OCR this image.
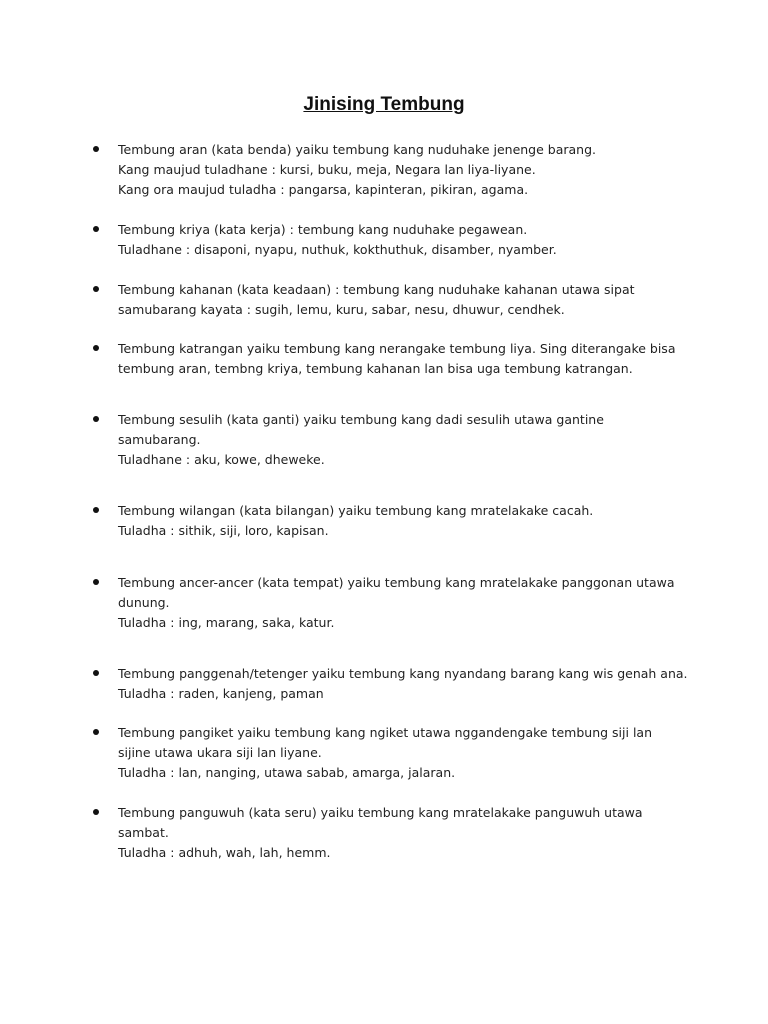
Jinising Tembung
Tembung aran (kata benda) yaiku tembung kang nuduhake jenenge barang.
Kang maujud tuladhane : kursi, buku, meja, Negara lan liya-liyane.
Kang ora maujud tuladha : pangarsa, kapinteran, pikiran, agama.
Tembung kriya (kata kerja) : tembung kang nuduhake pegawean.
Tuladhane : disaponi, nyapu, nuthuk, kokthuthuk, disamber, nyamber.
Tembung kahanan (kata keadaan) : tembung kang nuduhake kahanan utawa sipat
samubarang kayata : sugih, lemu, kuru, sabar, nesu, dhuwur, cendhek.
Tembung katrangan yaiku tembung kang nerangake tembung liya. Sing diterangake bisa
tembung aran, tembng kriya, tembung kahanan lan bisa uga tembung katrangan.
Tembung sesulih (kata ganti) yaiku tembung kang dadi sesulih utawa gantine
samubarang.
Tuladhane : aku, kowe, dheweke.
Tembung wilangan (kata bilangan) yaiku tembung kang mratelakake cacah.
Tuladha : sithik, siji, loro, kapisan.
Tembung ancer-ancer (kata tempat) yaiku tembung kang mratelakake panggonan utawa
dunung.
Tuladha : ing, marang, saka, katur.
Tembung panggenah/tetenger yaiku tembung kang nyandang barang kang wis genah ana.
Tuladha : raden, kanjeng, paman
Tembung pangiket yaiku tembung kang ngiket utawa nggandengake tembung siji lan
sijine utawa ukara siji lan liyane.
Tuladha : lan, nanging, utawa sabab, amarga, jalaran.
Tembung panguwuh (kata seru) yaiku tembung kang mratelakake panguwuh utawa
sambat.
Tuladha : adhuh, wah, lah, hemm.
